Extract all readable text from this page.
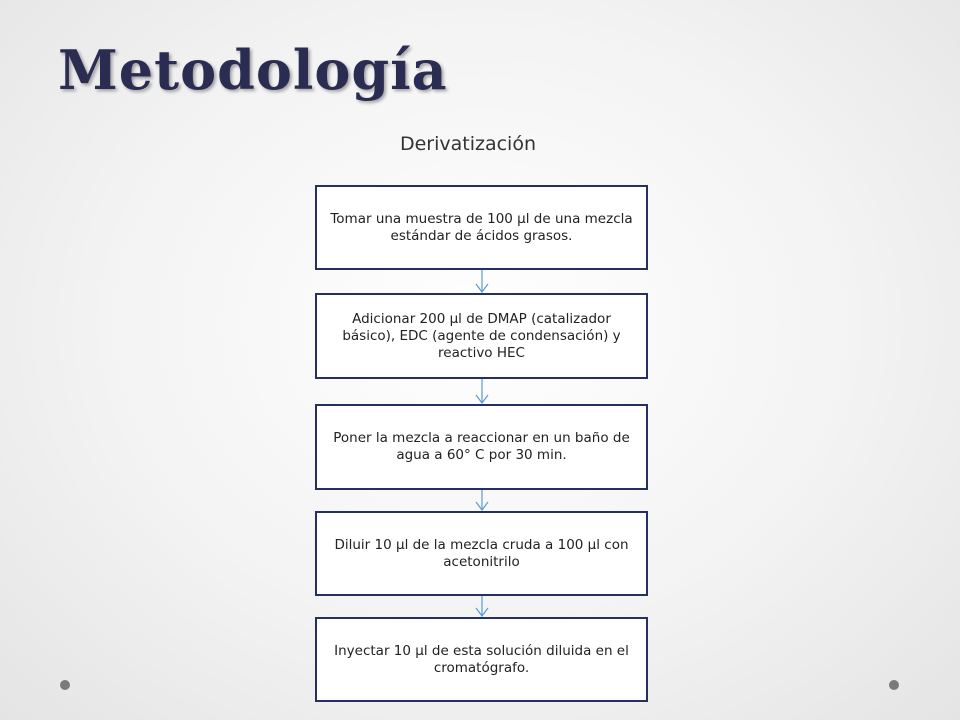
Metodología
Derivatización
Tomar una muestra de 100 µl de una mezcla estándar de ácidos grasos.
Adicionar 200 µl de DMAP (catalizador básico), EDC (agente de condensación) y reactivo HEC
Poner la mezcla a reaccionar en un baño de agua a 60° C por 30 min.
Diluir 10 µl de la mezcla cruda a 100 µl con acetonitrilo
Inyectar 10 µl de esta solución diluida en el cromatógrafo.
